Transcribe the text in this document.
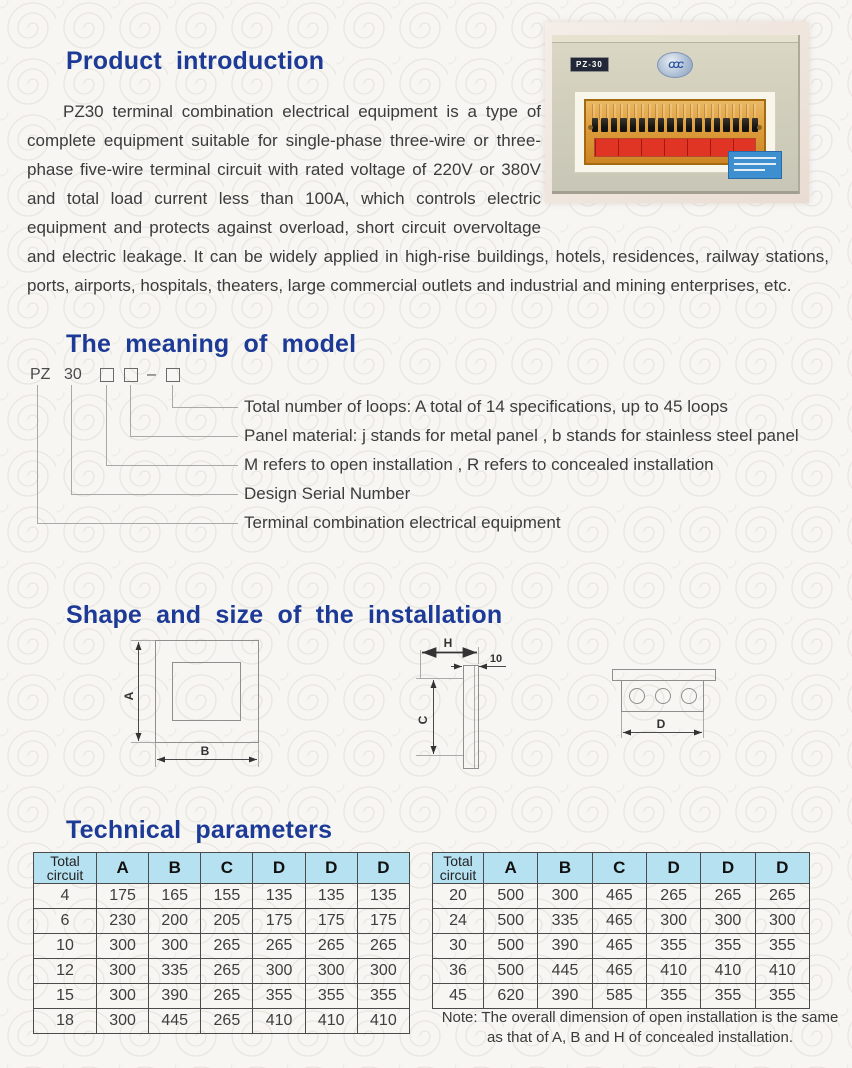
Product introduction

PZ30 terminal combination electrical equipment is a type of complete equipment suitable for single-phase three-wire or three-phase five-wire terminal circuit with rated voltage of 220V or 380V and total load current less than 100A, which controls electric equipment and protects against overload, short circuit overvoltage and electric leakage. It can be widely applied in high-rise buildings, hotels, residences, railway stations, ports, airports, hospitals, theaters, large commercial outlets and industrial and mining enterprises, etc.

PZ-30	CCC
The meaning of model
PZ 30	–
Total number of loops: A total of 14 specifications, up to 45 loops
Panel material: j stands for metal panel , b stands for stainless steel panel
M refers to open installation , R refers to concealed installation
Design Serial Number
Terminal combination electrical equipment
Shape and size of the installation
A
B
H
10
C	D
Technical parameters
Total circuit	A	B	C	D	D	D
4	175	165	155	135	135	135
6	230	200	205	175	175	175
10	300	300	265	265	265	265
12	300	335	265	300	300	300
15	300	390	265	355	355	355
18	300	445	265	410	410	410
Total circuit	A	B	C	D	D	D
20	500	300	465	265	265	265
24	500	335	465	300	300	300
30	500	390	465	355	355	355
36	500	445	465	410	410	410
45	620	390	585	355	355	355
Note: The overall dimension of open installation is the same
as that of A, B and H of concealed installation.
